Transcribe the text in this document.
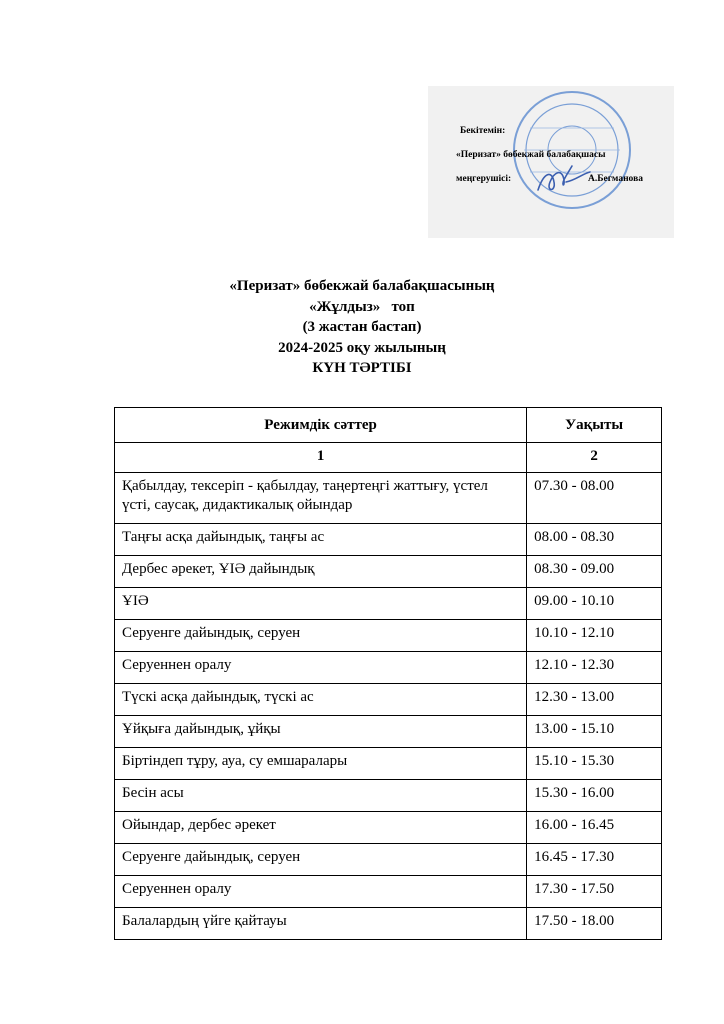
Бекітемін:
«Перизат» бөбекжай балабақшасы
меңгерушісі:	А.Бегманова
«Перизат» бөбекжай балабақшасының
«Жұлдыз»   топ
(3 жастан бастап)
2024-2025 оқу жылының
КҮН ТӘРТІБІ
Режимдік сәттер	Уақыты
1	2
Қабылдау, тексеріп - қабылдау, таңертеңгі жаттығу, үстел үсті, саусақ, дидактикалық ойындар	07.30 - 08.00
Таңғы асқа дайындық, таңғы ас	08.00 - 08.30
Дербес әрекет, ҰІӘ дайындық	08.30 - 09.00
ҰІӘ	09.00 - 10.10
Серуенге дайындық, серуен	10.10 - 12.10
Серуеннен оралу	12.10 - 12.30
Түскі асқа дайындық, түскі ас	12.30 - 13.00
Ұйқыға дайындық, ұйқы	13.00 - 15.10
Біртіндеп тұру, ауа, су емшаралары	15.10 - 15.30
Бесін асы	15.30 - 16.00
Ойындар, дербес әрекет	16.00 - 16.45
Серуенге дайындық, серуен	16.45 - 17.30
Серуеннен оралу	17.30 - 17.50
Балалардың үйге қайтауы	17.50 - 18.00
